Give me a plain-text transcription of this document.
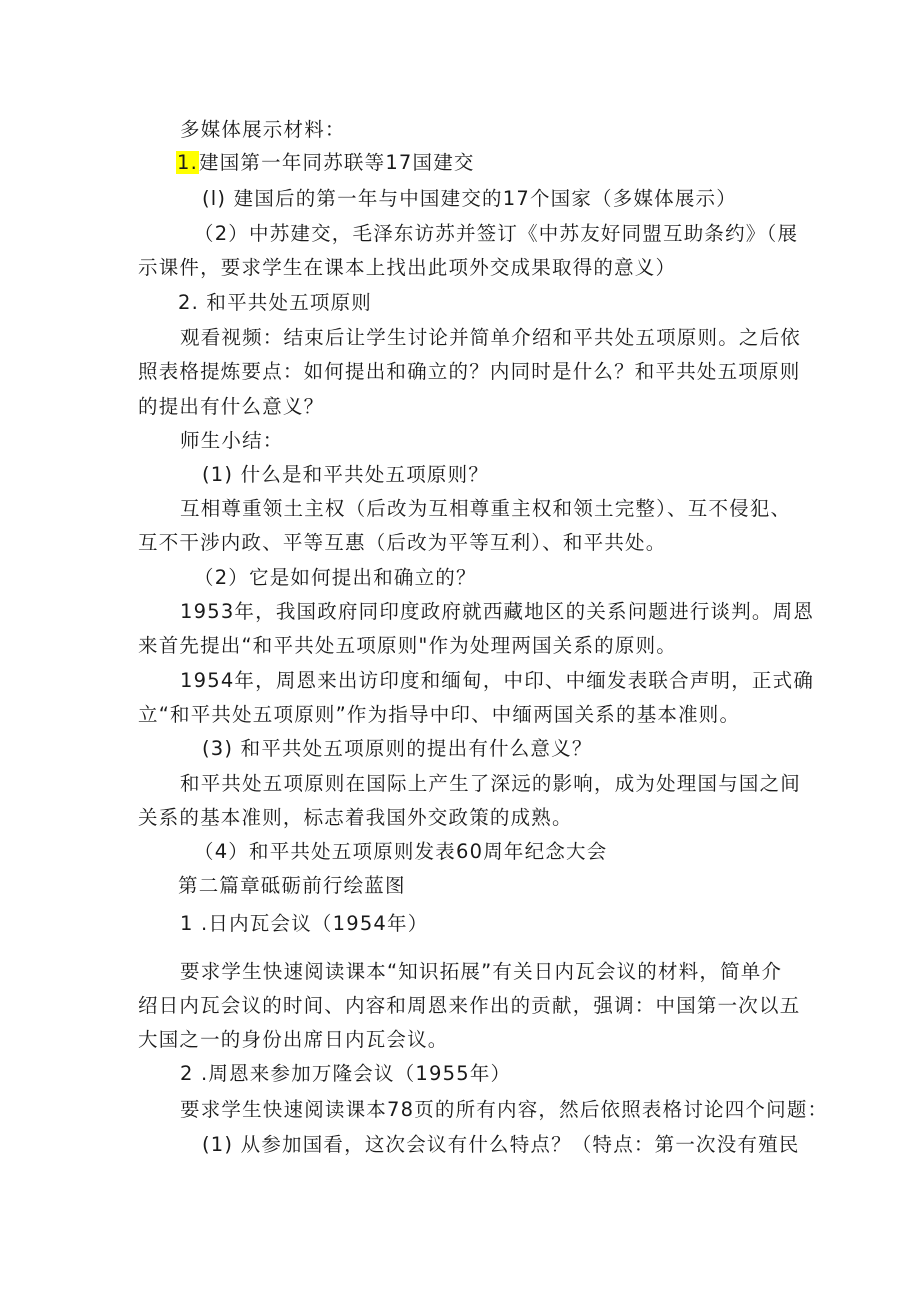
多媒体展示材料：
1.建国第一年同苏联等17国建交
(l) 建国后的第一年与中国建交的17个国家（多媒体展示）
（2）中苏建交，毛泽东访苏并签订《中苏友好同盟互助条约》（展
示课件，要求学生在课本上找出此项外交成果取得的意义）
2. 和平共处五项原则
观看视频：结束后让学生讨论并简单介绍和平共处五项原则。之后依
照表格提炼要点：如何提出和确立的？内同时是什么？和平共处五项原则
的提出有什么意义？
师生小结：
(1) 什么是和平共处五项原则？
互相尊重领土主权（后改为互相尊重主权和领土完整）、互不侵犯、
互不干涉内政、平等互惠（后改为平等互利）、和平共处。
（2）它是如何提出和确立的？
1953年，我国政府同印度政府就西藏地区的关系问题进行谈判。周恩
来首先提出“和平共处五项原则"作为处理两国关系的原则。
1954年，周恩来出访印度和缅甸，中印、中缅发表联合声明，正式确
立“和平共处五项原则”作为指导中印、中缅两国关系的基本准则。
(3) 和平共处五项原则的提出有什么意义？
和平共处五项原则在国际上产生了深远的影响，成为处理国与国之间
关系的基本准则，标志着我国外交政策的成熟。
（4）和平共处五项原则发表60周年纪念大会
第二篇章砥砺前行绘蓝图
1 .日内瓦会议（1954年）
要求学生快速阅读课本“知识拓展”有关日内瓦会议的材料，简单介
绍日内瓦会议的时间、内容和周恩来作出的贡献，强调：中国第一次以五
大国之一的身份出席日内瓦会议。
2 .周恩来参加万隆会议（1955年）
要求学生快速阅读课本78页的所有内容，然后依照表格讨论四个问题：
(1) 从参加国看，这次会议有什么特点？（特点：第一次没有殖民
